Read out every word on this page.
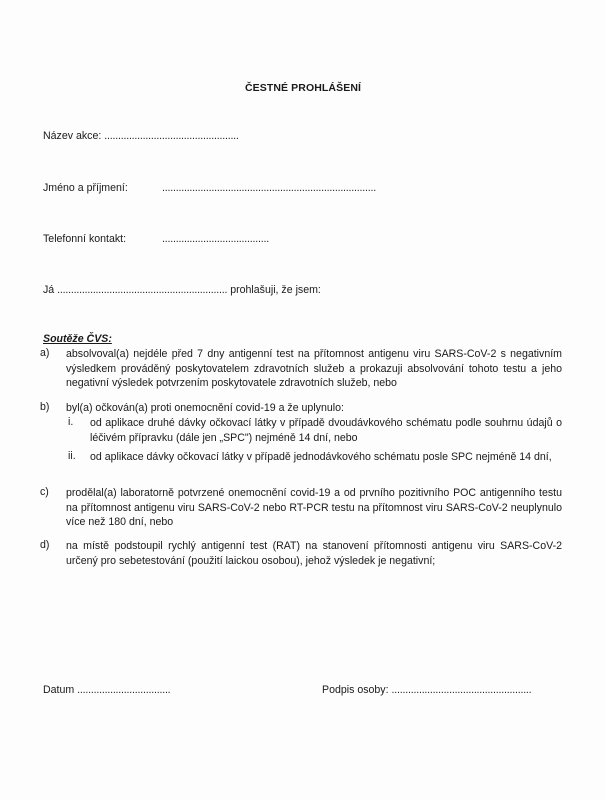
ČESTNÉ PROHLÁŠENÍ
Název akce: .................................................
Jméno a příjmení:	..............................................................................
Telefonní kontakt:	.......................................
Já .............................................................. prohlašuji, že jsem:
Soutěže ČVS:
a)	absolvoval(a) nejdéle před 7 dny antigenní test na přítomnost antigenu viru SARS-CoV-2 s negativním výsledkem prováděný poskytovatelem zdravotních služeb a prokazuji absolvování tohoto testu a jeho negativní výsledek potvrzením poskytovatele zdravotních služeb, nebo
b)	byl(a) očkován(a) proti onemocnění covid-19 a že uplynulo:
i.	od aplikace druhé dávky očkovací látky v případě dvoudávkového schématu podle souhrnu údajů o léčivém přípravku (dále jen „SPC") nejméně 14 dní, nebo
ii.	od aplikace dávky očkovací látky v případě jednodávkového schématu posle SPC nejméně 14 dní,
c)	prodělal(a) laboratorně potvrzené onemocnění covid-19 a od prvního pozitivního POC antigenního testu na přítomnost antigenu viru SARS-CoV-2 nebo RT-PCR testu na přítomnost viru SARS-CoV-2 neuplynulo více než 180 dní, nebo
d)	na místě podstoupil rychlý antigenní test (RAT) na stanovení přítomnosti antigenu viru SARS-CoV-2 určený pro sebetestování (použití laickou osobou), jehož výsledek je negativní;
Datum ..................................	Podpis osoby: ...................................................
